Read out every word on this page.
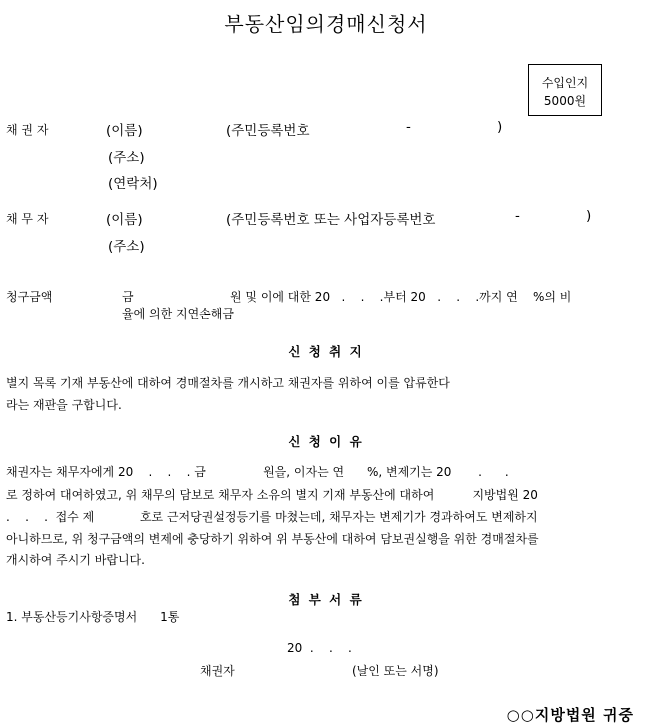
부동산임의경매신청서
수입인지
5000원
채 권 자	(이름)	(주민등록번호	-	)
(주소)
(연락처)
채 무 자	(이름)	(주민등록번호 또는 사업자등록번호	-	)
(주소)
청구금액	금	원 및 이에 대한 20   .    .    .부터 20   .    .    .까지 연    %의 비
율에 의한 지연손해금
신 청 취 지
별지 목록 기재 부동산에 대하여 경매절차를 개시하고 채권자를 위하여 이를 압류한다
라는 재판을 구합니다.
신 청 이 유
채권자는 채무자에게 20    .    .    . 금               원을, 이자는 연      %, 변제기는 20       .      .
로 정하여 대여하였고, 위 채무의 담보로 채무자 소유의 별지 기재 부동산에 대하여          지방법원 20
.    .    .  접수 제            호로 근저당권설정등기를 마쳤는데, 채무자는 변제기가 경과하여도 변제하지
아니하므로, 위 청구금액의 변제에 충당하기 위하여 위 부동산에 대하여 담보권실행을 위한 경매절차를
개시하여 주시기 바랍니다.
첨 부 서 류
1. 부동산등기사항증명서      1통
20  .    .    .
채권자	(날인 또는 서명)
○○지방법원 귀중
